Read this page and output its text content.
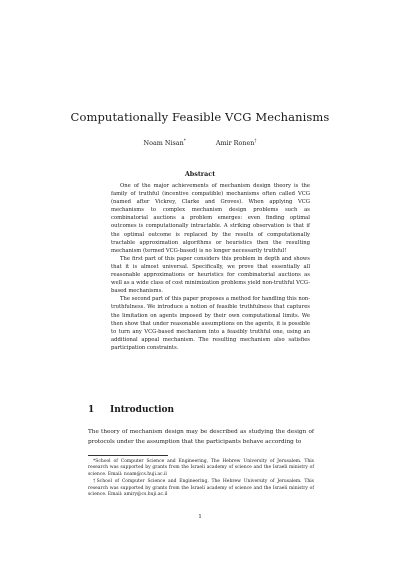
Computationally Feasible VCG Mechanisms
Noam Nisan*	Amir Ronen†
Abstract

One of the major achievements of mechanism design theory is the family of truthful (incentive compatible) mechanisms often called VCG (named after Vickrey, Clarke and Groves). When applying VCG mechanisms to complex mechanism design problems such as combinatorial auctions a problem emerges: even finding optimal outcomes is computationally intractable. A striking observation is that if the optimal outcome is replaced by the results of computationally tractable approximation algorithms or heuristics then the resulting mechanism (termed VCG-based) is no longer necessarily truthful!

The first part of this paper considers this problem in depth and shows that it is almost universal. Specifically, we prove that essentially all reasonable approximations or heuristics for combinatorial auctions as well as a wide class of cost minimization problems yield non-truthful VCG-based mechanisms.

The second part of this paper proposes a method for handling this non-truthfulness. We introduce a notion of feasible truthfulness that captures the limitation on agents imposed by their own computational limits. We then show that under reasonable assumptions on the agents, it is possible to turn any VCG-based mechanism into a feasibly truthful one, using an additional appeal mechanism. The resulting mechanism also satisfies participation constraints.

1 Introduction
The theory of mechanism design may be described as studying the design of protocols under the assumption that the participants behave according to

*School of Computer Science and Engineering, The Hebrew University of Jerusalem. This research was supported by grants from the Israeli academy of science and the Israeli ministry of science. Email: noam@cs.huji.ac.il

†School of Computer Science and Engineering, The Hebrew University of Jerusalem. This research was supported by grants from the Israeli academy of science and the Israeli ministry of science. Email: amiry@cs.huji.ac.il

1
